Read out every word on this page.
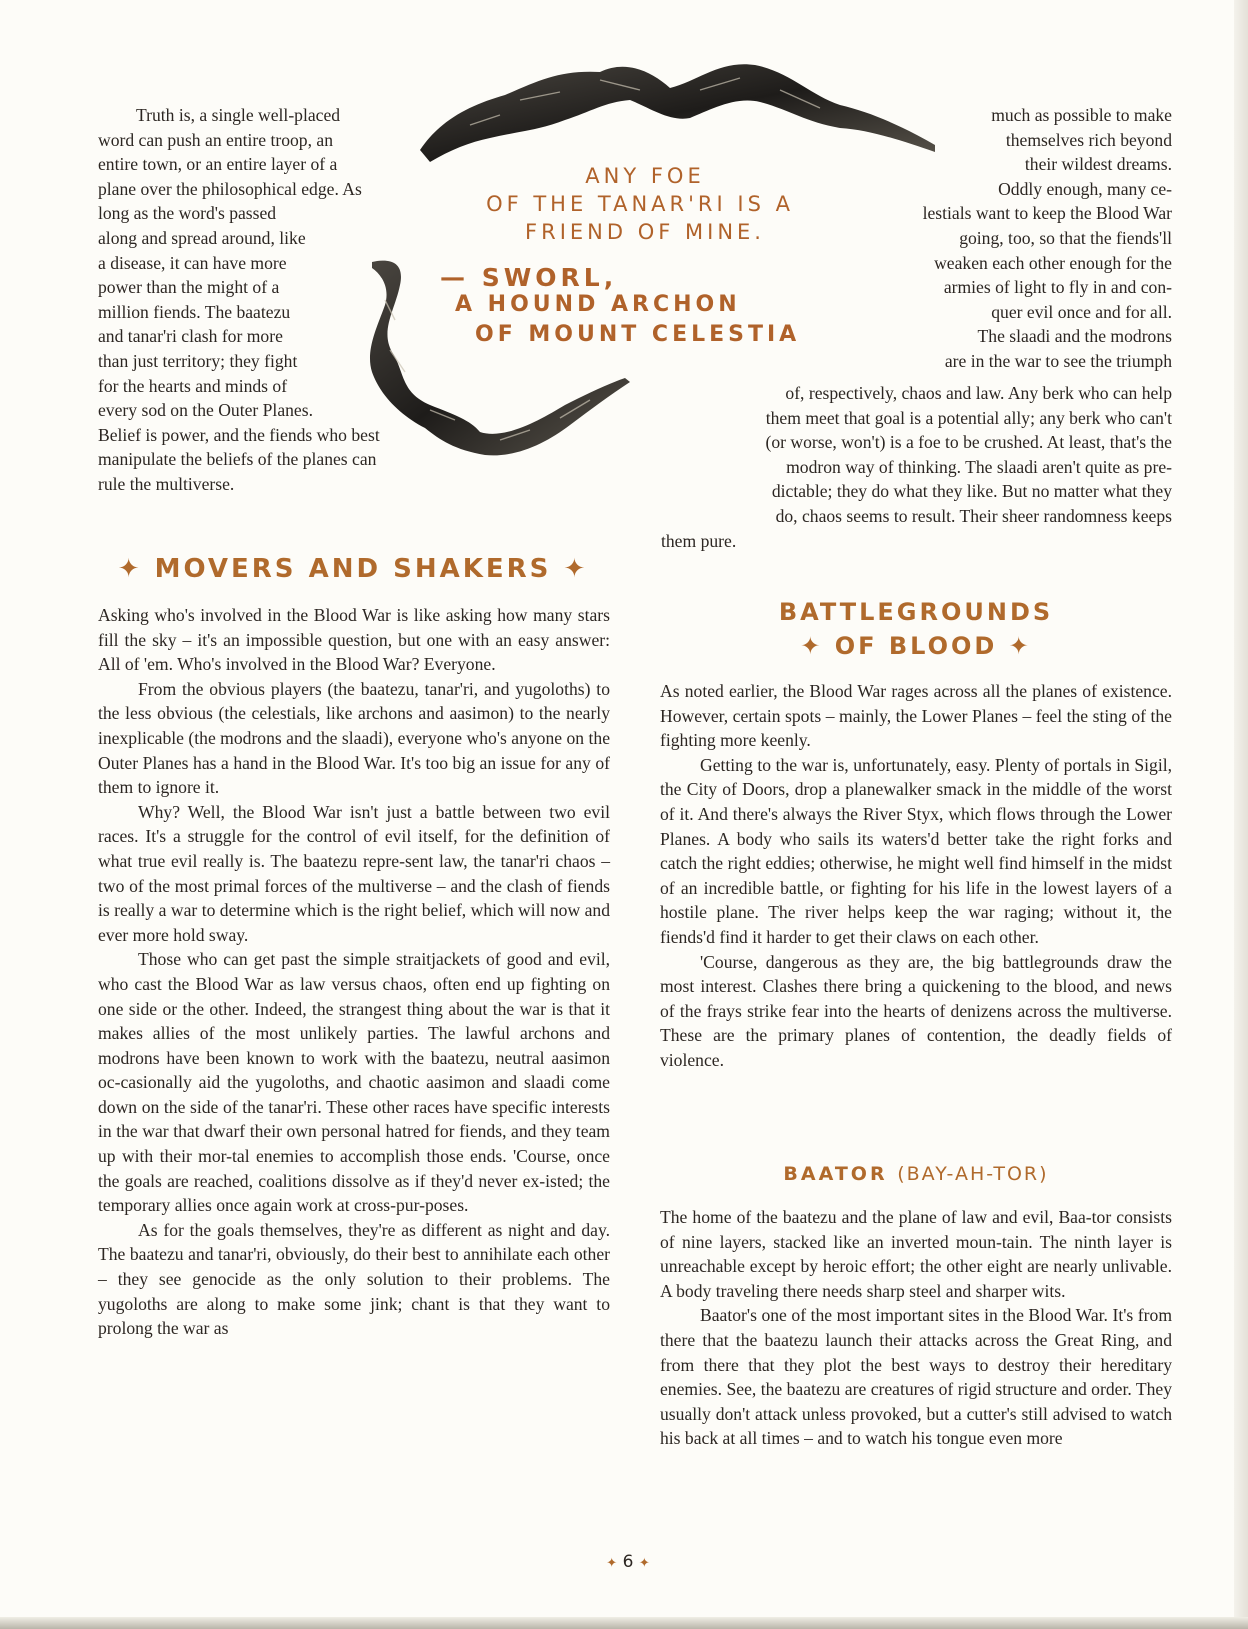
Truth is, a single well-placed
word can push an entire troop, an
entire town, or an entire layer of a
plane over the philosophical edge. As
long as the word's passed
along and spread around, like
a disease, it can have more
power than the might of a
million fiends. The baatezu
and tanar'ri clash for more
than just territory; they fight
for the hearts and minds of
every sod on the Outer Planes.
Belief is power, and the fiends who best
manipulate the beliefs of the planes can
rule the multiverse.
much as possible to make
themselves rich beyond
their wildest dreams.
Oddly enough, many ce-
lestials want to keep the Blood War
going, too, so that the fiends'll
weaken each other enough for the
armies of light to fly in and con-
quer evil once and for all.
The slaadi and the modrons
are in the war to see the triumph
of, respectively, chaos and law. Any berk who can help
them meet that goal is a potential ally; any berk who can't
(or worse, won't) is a foe to be crushed. At least, that's the
modron way of thinking. The slaadi aren't quite as pre-
dictable; they do what they like. But no matter what they
do, chaos seems to result. Their sheer randomness keeps
them pure.
ANY FOE
OF THE TANAR'RI IS A
FRIEND OF MINE.
— SWORL,
A HOUND ARCHON
OF MOUNT CELESTIA
✦ MOVERS AND SHAKERS ✦

Asking who's involved in the Blood War is like asking how many stars fill the sky – it's an impossible question, but one with an easy answer: All of 'em. Who's involved in the Blood War? Everyone.

From the obvious players (the baatezu, tanar'ri, and yugoloths) to the less obvious (the celestials, like archons and aasimon) to the nearly inexplicable (the modrons and the slaadi), everyone who's anyone on the Outer Planes has a hand in the Blood War. It's too big an issue for any of them to ignore it.

Why? Well, the Blood War isn't just a battle between two evil races. It's a struggle for the control of evil itself, for the definition of what true evil really is. The baatezu repre-sent law, the tanar'ri chaos – two of the most primal forces of the multiverse – and the clash of fiends is really a war to determine which is the right belief, which will now and ever more hold sway.

Those who can get past the simple straitjackets of good and evil, who cast the Blood War as law versus chaos, often end up fighting on one side or the other. Indeed, the strangest thing about the war is that it makes allies of the most unlikely parties. The lawful archons and modrons have been known to work with the baatezu, neutral aasimon oc-casionally aid the yugoloths, and chaotic aasimon and slaadi come down on the side of the tanar'ri. These other races have specific interests in the war that dwarf their own personal hatred for fiends, and they team up with their mor-tal enemies to accomplish those ends. 'Course, once the goals are reached, coalitions dissolve as if they'd never ex-isted; the temporary allies once again work at cross-pur-poses.

As for the goals themselves, they're as different as night and day. The baatezu and tanar'ri, obviously, do their best to annihilate each other – they see genocide as the only solution to their problems. The yugoloths are along to make some jink; chant is that they want to prolong the war as

BATTLEGROUNDS
✦ OF BLOOD ✦

As noted earlier, the Blood War rages across all the planes of existence. However, certain spots – mainly, the Lower Planes – feel the sting of the fighting more keenly.

Getting to the war is, unfortunately, easy. Plenty of portals in Sigil, the City of Doors, drop a planewalker smack in the middle of the worst of it. And there's always the River Styx, which flows through the Lower Planes. A body who sails its waters'd better take the right forks and catch the right eddies; otherwise, he might well find himself in the midst of an incredible battle, or fighting for his life in the lowest layers of a hostile plane. The river helps keep the war raging; without it, the fiends'd find it harder to get their claws on each other.

'Course, dangerous as they are, the big battlegrounds draw the most interest. Clashes there bring a quickening to the blood, and news of the frays strike fear into the hearts of denizens across the multiverse. These are the primary planes of contention, the deadly fields of violence.

BAATOR (BAY-AH-TOR)

The home of the baatezu and the plane of law and evil, Baa-tor consists of nine layers, stacked like an inverted moun-tain. The ninth layer is unreachable except by heroic effort; the other eight are nearly unlivable. A body traveling there needs sharp steel and sharper wits.

Baator's one of the most important sites in the Blood War. It's from there that the baatezu launch their attacks across the Great Ring, and from there that they plot the best ways to destroy their hereditary enemies. See, the baatezu are creatures of rigid structure and order. They usually don't attack unless provoked, but a cutter's still advised to watch his back at all times – and to watch his tongue even more

✦ 6 ✦
